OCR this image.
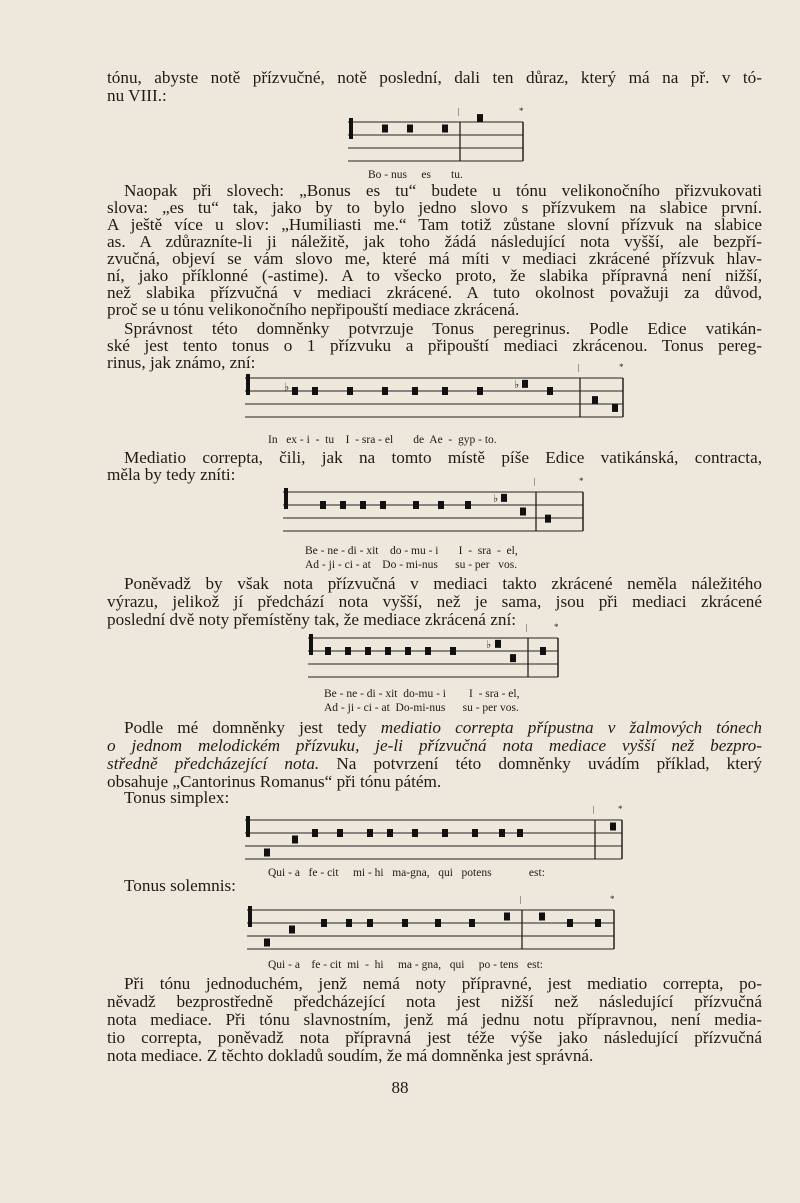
tónu, abyste notě přízvučné, notě poslední, dali ten důraz, který má na př. v tó-
nu VIII.:
|	*
Bo - nus     es       tu.
Naopak při slovech: „Bonus es tu“ budete u tónu velikonočního přizvukovati
slova: „es tu“ tak, jako by to bylo jedno slovo s přízvukem na slabice první.
A ještě více u slov: „Humiliasti me.“ Tam totiž zůstane slovní přízvuk na slabice
as. A zdůrazníte-li ji náležitě, jak toho žádá následující nota vyšší, ale bezpří-
zvučná, objeví se vám slovo me, které má míti v mediaci zkrácené přízvuk hlav-
ní, jako příklonné (-astime). A to všecko proto, že slabika přípravná není nižší,
než slabika přízvučná v mediaci zkrácené. A tuto okolnost považuji za důvod,
proč se u tónu velikonočního nepřipouští mediace zkrácená.
Správnost této domněnky potvrzuje Tonus peregrinus. Podle Edice vatikán-
ské jest tento tonus o 1 přízvuku a připouští mediaci zkrácenou. Tonus pereg-
rinus, jak známo, zní:	|	*
♭	♭
In   ex - i  -  tu    I  - sra - el       de  Ae  -  gyp - to.
Mediatio correpta, čili, jak na tomto místě píše Edice vatikánská, contracta,
měla by tedy zníti:	|	*
♭
Be - ne - di - xit    do - mu - i       I  -  sra  -  el,
Ad - ji - ci - at    Do - mi-nus      su - per   vos.
Poněvadž by však nota přízvučná v mediaci takto zkrácené neměla náležitého
výrazu, jelikož jí předchází nota vyšší, než je sama, jsou při mediaci zkrácené
poslední dvě noty přemístěny tak, že mediace zkrácená zní:	|	*
♭
Be - ne - di - xit  do-mu - i        I  - sra - el,
Ad - ji - ci - at  Do-mi-nus      su - per vos.
Podle mé domněnky jest tedy mediatio correpta přípustna v žalmových tónech
o jednom melodickém přízvuku, je-li přízvučná nota mediace vyšší než bezpro-
středně předcházející nota. Na potvrzení této domněnky uvádím příklad, který
obsahuje „Cantorinus Romanus“ při tónu pátém.
Tonus simplex:
|	*
Qui - a   fe - cit     mi - hi   ma-gna,   qui   potens             est:
Tonus solemnis:
|	*
Qui - a    fe - cit  mi  -  hi     ma - gna,   qui     po - tens   est:
Při tónu jednoduchém, jenž nemá noty přípravné, jest mediatio correpta, po-
něvadž bezprostředně předcházející nota jest nižší než následující přízvučná
nota mediace. Při tónu slavnostním, jenž má jednu notu přípravnou, není media-
tio correpta, poněvadž nota přípravná jest téže výše jako následující přízvučná
nota mediace. Z těchto dokladů soudím, že má domněnka jest správná.
88
